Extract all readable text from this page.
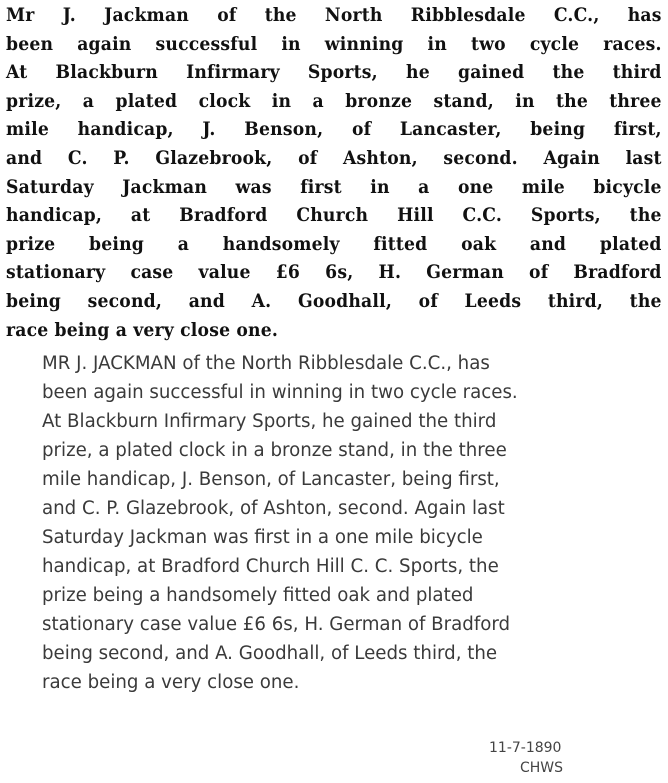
Mr J. Jackman of the North Ribblesdale C.C., has
been again successful in winning in two cycle races.
At Blackburn Infirmary Sports, he gained the third
prize, a plated clock in a bronze stand, in the three
mile handicap, J. Benson, of Lancaster, being first,
and C. P. Glazebrook, of Ashton, second. Again last
Saturday Jackman was first in a one mile bicycle
handicap, at Bradford Church Hill C.C. Sports, the
prize being a handsomely fitted oak and plated
stationary case value £6 6s, H. German of Bradford
being second, and A. Goodhall, of Leeds third, the
race being a very close one.
MR J. JACKMAN of the North Ribblesdale C.C., has
been again successful in winning in two cycle races.
At Blackburn Infirmary Sports, he gained the third
prize, a plated clock in a bronze stand, in the three
mile handicap, J. Benson, of Lancaster, being first,
and C. P. Glazebrook, of Ashton, second. Again last
Saturday Jackman was first in a one mile bicycle
handicap, at Bradford Church Hill C. C. Sports, the
prize being a handsomely fitted oak and plated
stationary case value £6 6s, H. German of Bradford
being second, and A. Goodhall, of Leeds third, the
race being a very close one.
11-7-1890
CHWS
